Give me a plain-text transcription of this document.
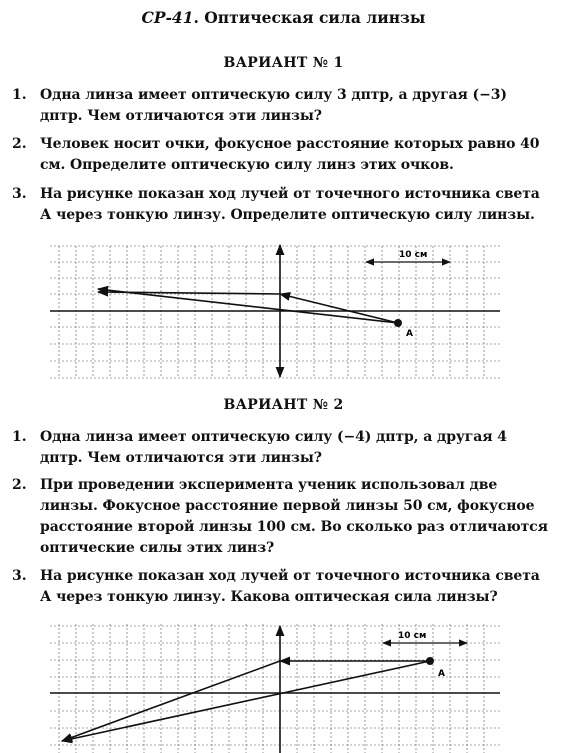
СР-41. Оптическая сила линзы
ВАРИАНТ № 1
1. Одна линза имеет оптическую силу 3 дптр, а другая (−3) дптр. Чем отличаются эти линзы?
2. Человек носит очки, фокусное расстояние которых равно 40 см. Определите оптическую силу линз этих очков.
3. На рисунке показан ход лучей от точечного источника света А через тонкую линзу. Определите оптическую силу линзы.
ВАРИАНТ № 2
1. Одна линза имеет оптическую силу (−4) дптр, а другая 4 дптр. Чем отличаются эти линзы?
2. При проведении эксперимента ученик использовал две линзы. Фокусное расстояние первой линзы 50 см, фокусное расстояние второй линзы 100 см. Во сколько раз отличаются оптические силы этих линз?
3. На рисунке показан ход лучей от точечного источника света А через тонкую линзу. Какова оптическая сила линзы?
10 см
A
10 см
A
